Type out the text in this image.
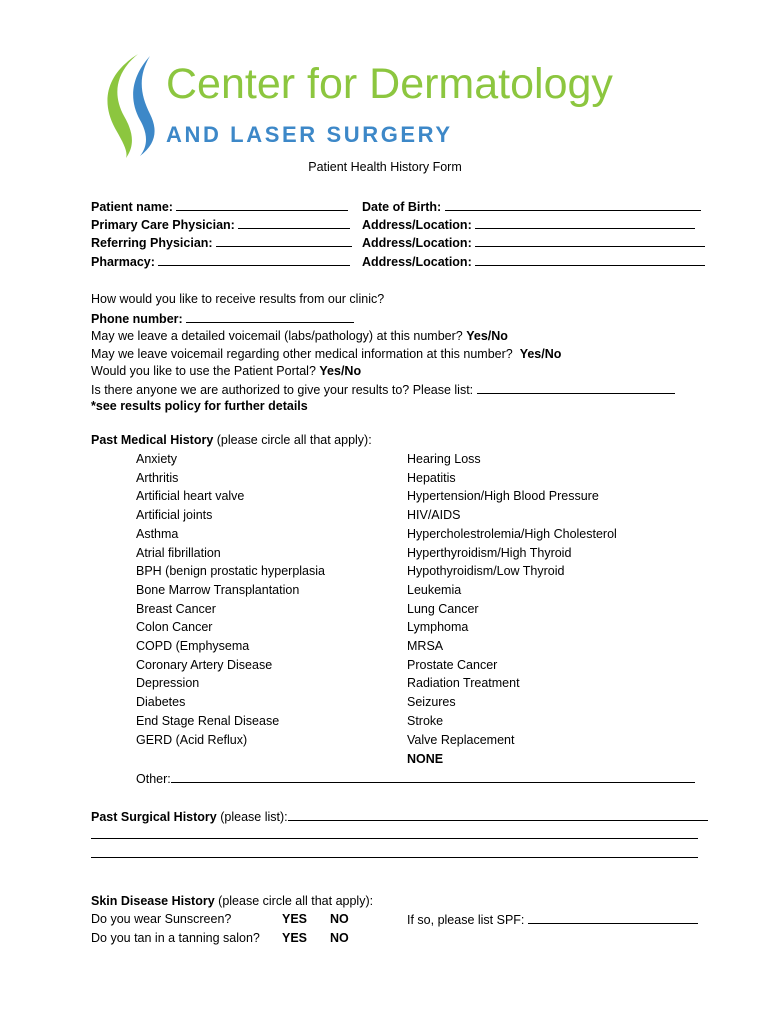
Center for Dermatology
AND LASER SURGERY
Patient Health History Form
Patient name:
Primary Care Physician:
Referring Physician:
Pharmacy:
Date of Birth:
Address/Location:
Address/Location:
Address/Location:
How would you like to receive results from our clinic?
Phone number:
May we leave a detailed voicemail (labs/pathology) at this number? Yes/No
May we leave voicemail regarding other medical information at this number? Yes/No
Would you like to use the Patient Portal? Yes/No
Is there anyone we are authorized to give your results to? Please list:
*see results policy for further details
Past Medical History (please circle all that apply):
Anxiety
Arthritis
Artificial heart valve
Artificial joints
Asthma
Atrial fibrillation
BPH (benign prostatic hyperplasia
Bone Marrow Transplantation
Breast Cancer
Colon Cancer
COPD (Emphysema
Coronary Artery Disease
Depression
Diabetes
End Stage Renal Disease
GERD (Acid Reflux)
Hearing Loss
Hepatitis
Hypertension/High Blood Pressure
HIV/AIDS
Hypercholestrolemia/High Cholesterol
Hyperthyroidism/High Thyroid
Hypothyroidism/Low Thyroid
Leukemia
Lung Cancer
Lymphoma
MRSA
Prostate Cancer
Radiation Treatment
Seizures
Stroke
Valve Replacement
NONE
Other:
Past Surgical History (please list):
Skin Disease History (please circle all that apply):
Do you wear Sunscreen?	YES NO	If so, please list SPF:
Do you tan in a tanning salon? YES NO
